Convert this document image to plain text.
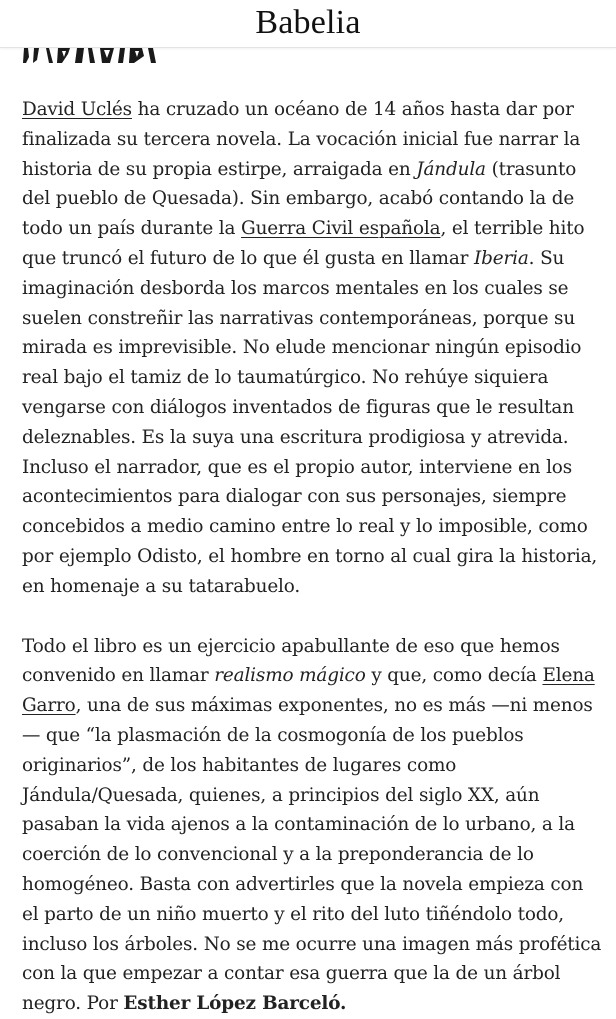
Babelia

David Uclés ha cruzado un océano de 14 años hasta dar por finalizada su tercera novela. La vocación inicial fue narrar la historia de su propia estirpe, arraigada en Jándula (trasunto del pueblo de Quesada). Sin embargo, acabó contando la de todo un país durante la Guerra Civil española, el terrible hito que truncó el futuro de lo que él gusta en llamar Iberia. Su imaginación desborda los marcos mentales en los cuales se suelen constreñir las narrativas contemporáneas, porque su mirada es imprevisible. No elude mencionar ningún episodio real bajo el tamiz de lo taumatúrgico. No rehúye siquiera vengarse con diálogos inventados de figuras que le resultan deleznables. Es la suya una escritura prodigiosa y atrevida. Incluso el narrador, que es el propio autor, interviene en los acontecimientos para dialogar con sus personajes, siempre concebidos a medio camino entre lo real y lo imposible, como por ejemplo Odisto, el hombre en torno al cual gira la historia, en homenaje a su tatarabuelo.

Todo el libro es un ejercicio apabullante de eso que hemos convenido en llamar realismo mágico y que, como decía Elena Garro, una de sus máximas exponentes, no es más —ni menos— que “la plasmación de la cosmogonía de los pueblos originarios”, de los habitantes de lugares como Jándula/Quesada, quienes, a principios del siglo XX, aún pasaban la vida ajenos a la contaminación de lo urbano, a la coerción de lo convencional y a la preponderancia de lo homogéneo. Basta con advertirles que la novela empieza con el parto de un niño muerto y el rito del luto tiñéndolo todo, incluso los árboles. No se me ocurre una imagen más profética con la que empezar a contar esa guerra que la de un árbol negro. Por Esther López Barceló.
